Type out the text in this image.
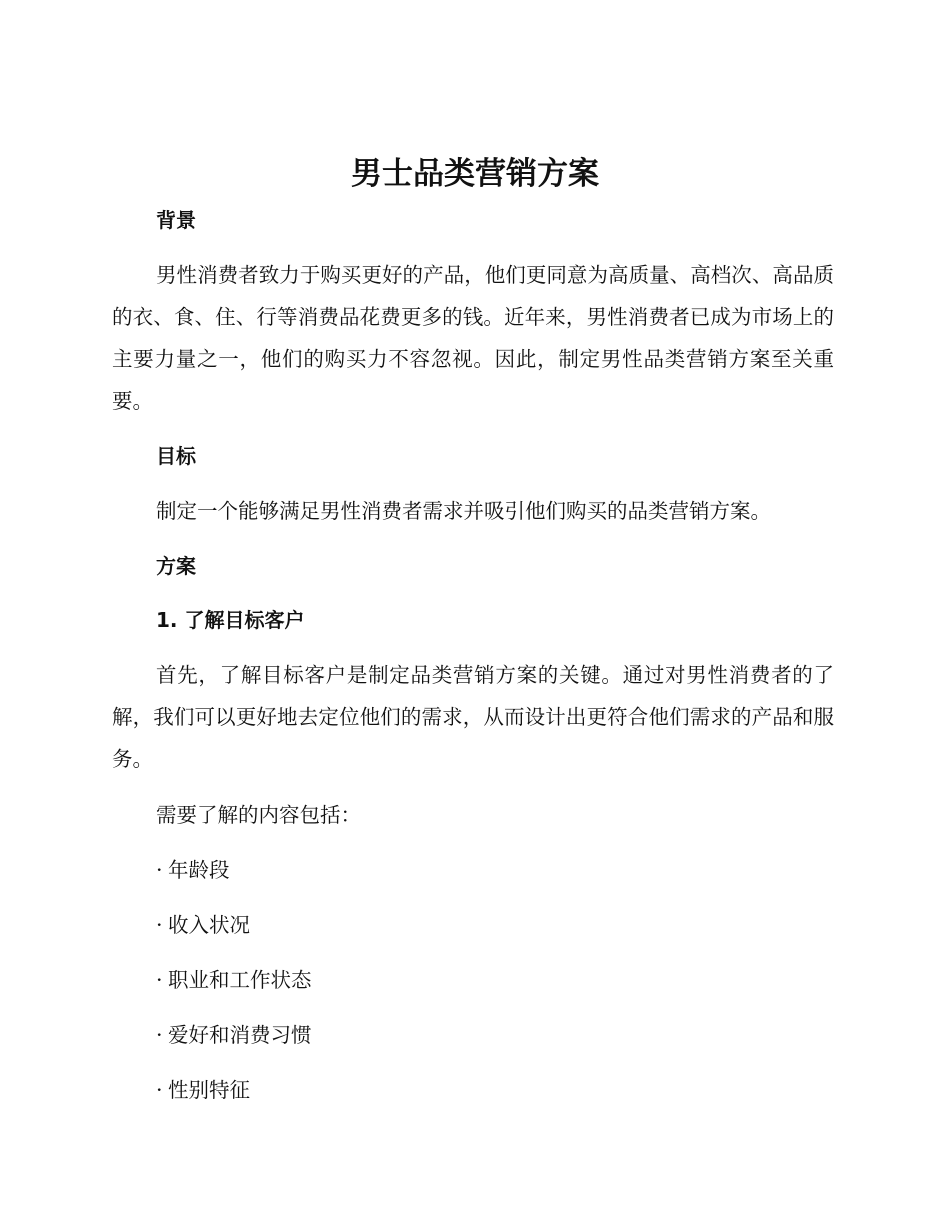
男士品类营销方案
背景

男性消费者致力于购买更好的产品，他们更同意为高质量、高档次、高品质的衣、食、住、行等消费品花费更多的钱。近年来，男性消费者已成为市场上的主要力量之一，他们的购买力不容忽视。因此，制定男性品类营销方案至关重要。

目标

制定一个能够满足男性消费者需求并吸引他们购买的品类营销方案。

方案
1. 了解目标客户

首先，了解目标客户是制定品类营销方案的关键。通过对男性消费者的了解，我们可以更好地去定位他们的需求，从而设计出更符合他们需求的产品和服务。

需要了解的内容包括：

· 年龄段
· 收入状况
· 职业和工作状态
· 爱好和消费习惯
· 性别特征
